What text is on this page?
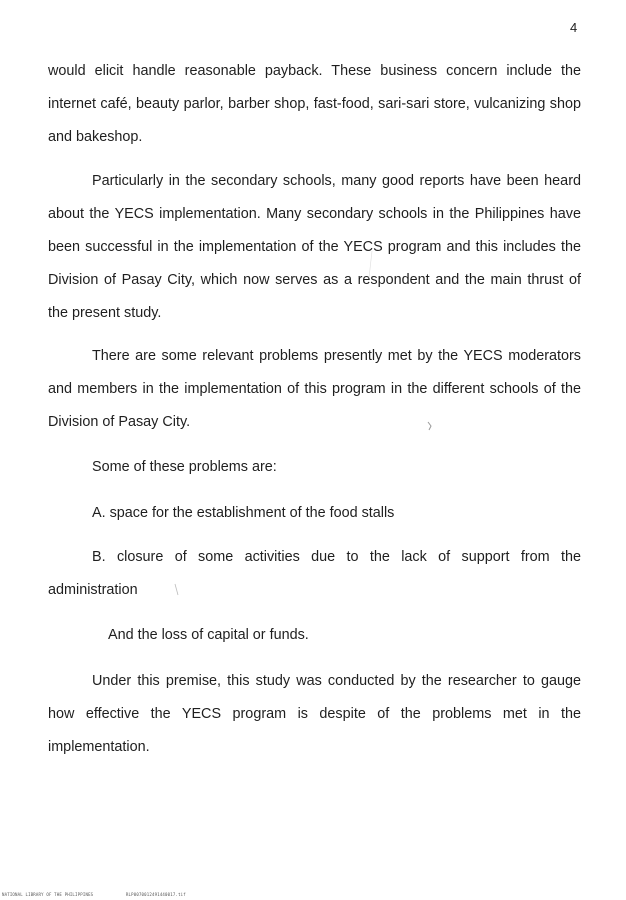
4

would elicit handle reasonable payback. These business concern include the internet café, beauty parlor, barber shop, fast-food, sari-sari store, vulcanizing shop and bakeshop.

Particularly in the secondary schools, many good reports have been heard about the YECS implementation. Many secondary schools in the Philippines have been successful in the implementation of the YECS program and this includes the Division of Pasay City, which now serves as a respondent and the main thrust of the present study.

There are some relevant problems presently met by the YECS moderators and members in the implementation of this program in the different schools of the Division of Pasay City.

Some of these problems are:

A. space for the establishment of the food stalls

B. closure of some activities due to the lack of support from the administration

And the loss of capital or funds.

Under this premise, this study was conducted by the researcher to gauge how effective the YECS program is despite of the problems met in the implementation.

NATIONAL LIBRARY OF THE PHILIPPINES	RLP0070012491440017.tif
